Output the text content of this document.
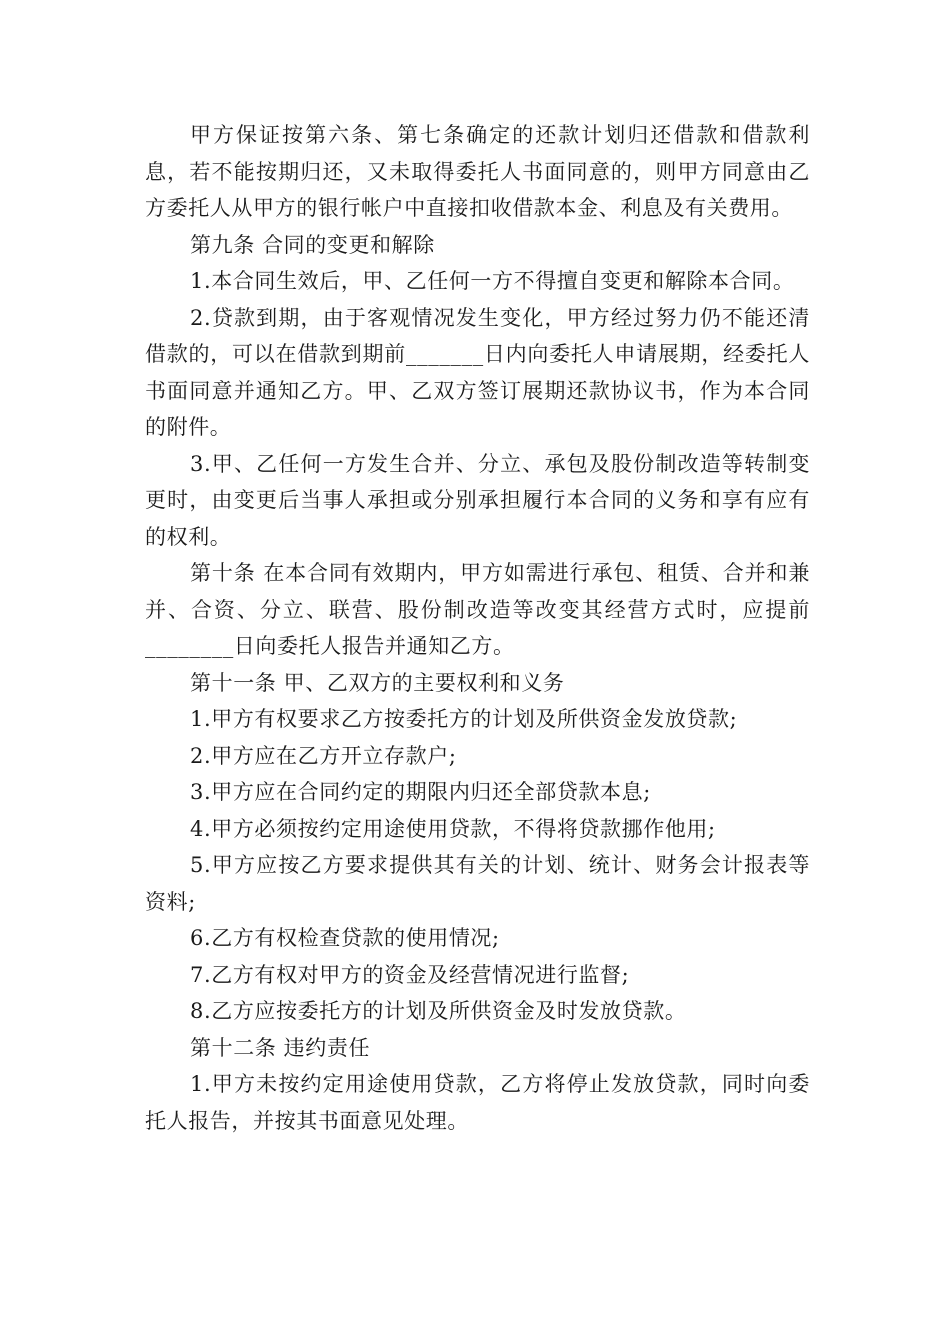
甲方保证按第六条、第七条确定的还款计划归还借款和借款利息，若不能按期归还，又未取得委托人书面同意的，则甲方同意由乙方委托人从甲方的银行帐户中直接扣收借款本金、利息及有关费用。

第九条 合同的变更和解除

1.本合同生效后，甲、乙任何一方不得擅自变更和解除本合同。

2.贷款到期，由于客观情况发生变化，甲方经过努力仍不能还清借款的，可以在借款到期前_______日内向委托人申请展期，经委托人书面同意并通知乙方。甲、乙双方签订展期还款协议书，作为本合同的附件。

3.甲、乙任何一方发生合并、分立、承包及股份制改造等转制变更时，由变更后当事人承担或分别承担履行本合同的义务和享有应有的权利。

第十条 在本合同有效期内，甲方如需进行承包、租赁、合并和兼并、合资、分立、联营、股份制改造等改变其经营方式时，应提前________日向委托人报告并通知乙方。

第十一条 甲、乙双方的主要权利和义务

1.甲方有权要求乙方按委托方的计划及所供资金发放贷款;

2.甲方应在乙方开立存款户;

3.甲方应在合同约定的期限内归还全部贷款本息;

4.甲方必须按约定用途使用贷款，不得将贷款挪作他用;

5.甲方应按乙方要求提供其有关的计划、统计、财务会计报表等资料;

6.乙方有权检查贷款的使用情况;

7.乙方有权对甲方的资金及经营情况进行监督;

8.乙方应按委托方的计划及所供资金及时发放贷款。

第十二条 违约责任

1.甲方未按约定用途使用贷款，乙方将停止发放贷款，同时向委托人报告，并按其书面意见处理。
